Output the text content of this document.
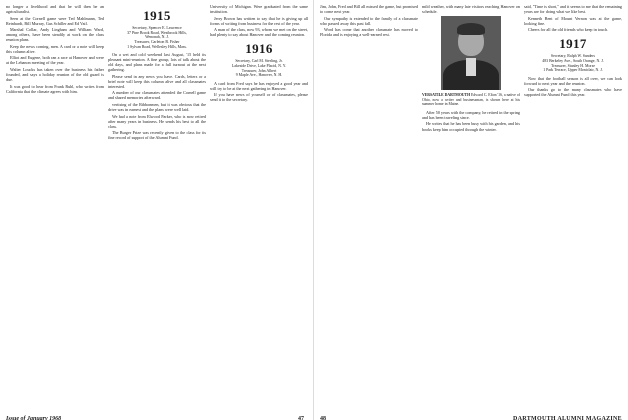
no longer a livelihood and that he will then be an agriculturalist.

Seen at the Cornell game were Ted Mahlmann, Ted Reinhardt, Bill Murray, Gus Schiller and Ed Vail.

Marshal Collar, Andy Lingham and William Ward, among others, have been steadily at work on the class reunion plans.

Keep the news coming, men. A card or a note will keep this column alive.

Elliot and Eugene, both ran a race at Hanover and were at the Lebanon meeting of the year.

Walter Loucks has taken over the business his father founded, and says a holiday reunion of the old guard is due.

It was good to hear from Frank Ruhl, who writes from California that the climate agrees with him.

1915
Secretary, Spencer E. Lawrence
37 Pine Brook Road, Westbrook Hills,
Wenonah, N. J.
Treasurer, Carleton B. Fisher
1 Sylvan Road, Wellesley Hills, Mass.

On a wet and cold weekend last August, '15 held its pleasant mini-reunion. A fine group, lots of talk about the old days, and plans made for a full turnout at the next gathering.

Please send in any news you have. Cards, letters or a brief note will keep this column alive and all classmates interested.

A number of our classmates attended the Cornell game and shared memories afterward.

vertising of the Ribbonmen, but it was obvious that the drive was in earnest and the plans were well laid.

We had a note from Elwood Parker, who is now retired after many years in business. He sends his best to all the class.

The Burger Prize was recently given to the class for its fine record of support of the Alumni Fund.

University of Michigan. Were graduated from the same institution.

Jerry Brown has written to say that he is giving up all forms of writing from business for the rest of the year.

A man of the class, now 93, whom we met on the street, had plenty to say about Hanover and the coming reunion.

1916
Secretary, Carl M. Sterling, Jr.
Lakeside Drive, Lake Placid, N. Y.
Treasurer, John Albert
9 Maple Ave., Hanover, N. H.

A card from Fred says he has enjoyed a good year and will try to be at the next gathering in Hanover.

If you have news of yourself or of classmates, please send it to the secretary.

Issue of January 1968	47

Jim, John, Fred and Bill all missed the game, but promised to come next year.

Our sympathy is extended to the family of a classmate who passed away this past fall.

Word has come that another classmate has moved to Florida and is enjoying a well-earned rest.

mild weather, with many late visitors reaching Hanover on schedule.

VERSATILE DARTMOUTH Edward C. Elton '16, a native of Ohio, now a writer and businessman, is shown here at his summer home in Maine.

After 50 years with the company, he retired in the spring and has been traveling since.

He writes that he has been busy with his garden, and his books keep him occupied through the winter.

said, "Time is short," and it seems to me that the remaining years are for doing what we like best.

Kenneth Bent of Mount Vernon was at the game, looking fine.

Cheers for all the old friends who keep in touch.

1917
Secretary, Ralph W. Sanders
483 Berkeley Ave., South Orange, N. J.
Treasurer, Stanley H. Morse
1 Park Terrace, Upper Montclair, N. J.

Now that the football season is all over, we can look forward to next year and the reunion.

Our thanks go to the many classmates who have supported the Alumni Fund this year.

48	DARTMOUTH ALUMNI MAGAZINE
